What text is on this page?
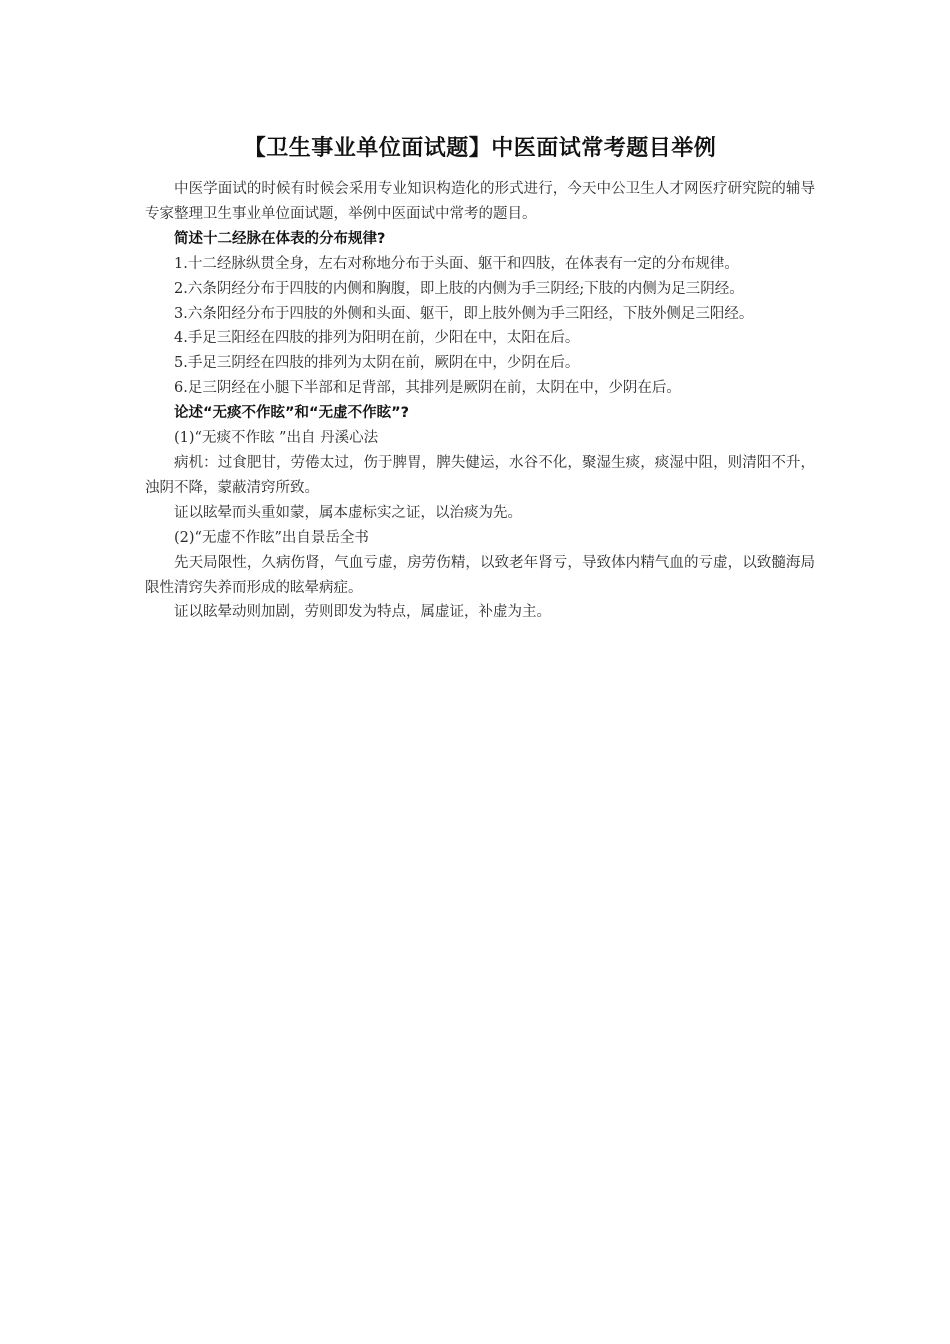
【卫生事业单位面试题】中医面试常考题目举例

中医学面试的时候有时候会采用专业知识构造化的形式进行，今天中公卫生人才网医疗研究院的辅导专家整理卫生事业单位面试题，举例中医面试中常考的题目。

简述十二经脉在体表的分布规律?

1.十二经脉纵贯全身，左右对称地分布于头面、躯干和四肢，在体表有一定的分布规律。

2.六条阴经分布于四肢的内侧和胸腹，即上肢的内侧为手三阴经;下肢的内侧为足三阴经。

3.六条阳经分布于四肢的外侧和头面、躯干，即上肢外侧为手三阳经，下肢外侧足三阳经。

4.手足三阳经在四肢的排列为阳明在前，少阳在中，太阳在后。

5.手足三阴经在四肢的排列为太阴在前，厥阴在中，少阴在后。

6.足三阴经在小腿下半部和足背部，其排列是厥阴在前，太阴在中，少阴在后。

论述“无痰不作眩”和“无虚不作眩”?

(1)“无痰不作眩 ”出自 丹溪心法

病机：过食肥甘，劳倦太过，伤于脾胃，脾失健运，水谷不化，聚湿生痰，痰湿中阻，则清阳不升，浊阴不降，蒙蔽清窍所致。

证以眩晕而头重如蒙，属本虚标实之证，以治痰为先。

(2)“无虚不作眩”出自景岳全书

先天局限性，久病伤肾，气血亏虚，房劳伤精，以致老年肾亏，导致体内精气血的亏虚，以致髓海局限性清窍失养而形成的眩晕病症。

证以眩晕动则加剧，劳则即发为特点，属虚证，补虚为主。
